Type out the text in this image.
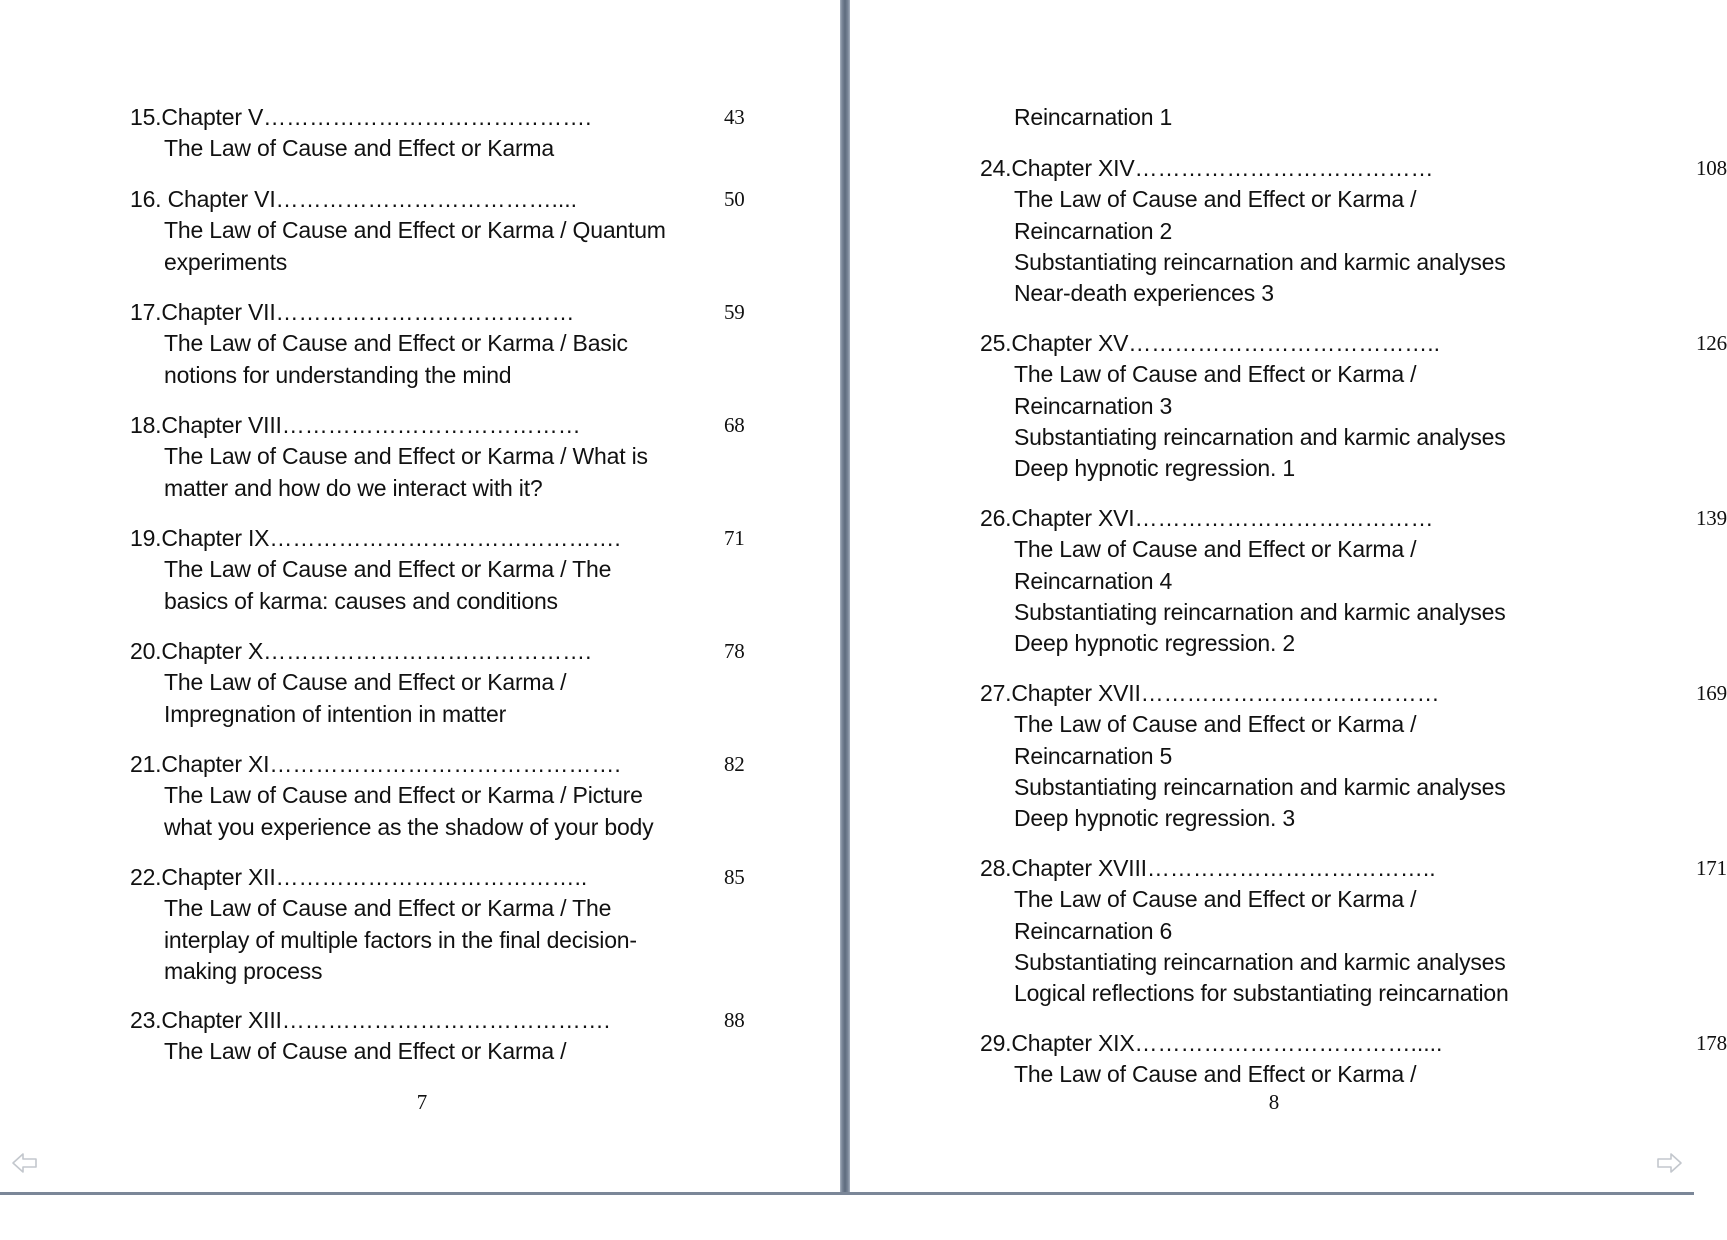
15.Chapter V…………………………………….	43
The Law of Cause and Effect or Karma
16. Chapter VI………………………………....	50
The Law of Cause and Effect or Karma / Quantum
experiments
17.Chapter VII…………………………………	59
The Law of Cause and Effect or Karma / Basic
notions for understanding the mind
18.Chapter VIII…………………………………	68
The Law of Cause and Effect or Karma / What is
matter and how do we interact with it?
19.Chapter IX……………………………………….	71
The Law of Cause and Effect or Karma / The
basics of karma: causes and conditions
20.Chapter X…………………………………….	78
The Law of Cause and Effect or Karma /
Impregnation of intention in matter
21.Chapter XI……………………………………….	82
The Law of Cause and Effect or Karma / Picture
what you experience as the shadow of your body
22.Chapter XII…………………………………..	85
The Law of Cause and Effect or Karma / The
interplay of multiple factors in the final decision-
making process
23.Chapter XIII…………………………………….	88
The Law of Cause and Effect or Karma /
7
Reincarnation 1
24.Chapter XIV…………………………………	108
The Law of Cause and Effect or Karma /
Reincarnation 2
Substantiating reincarnation and karmic analyses
Near-death experiences 3
25.Chapter XV…………………………………..	126
The Law of Cause and Effect or Karma /
Reincarnation 3
Substantiating reincarnation and karmic analyses
Deep hypnotic regression. 1
26.Chapter XVI…………………………………	139
The Law of Cause and Effect or Karma /
Reincarnation 4
Substantiating reincarnation and karmic analyses
Deep hypnotic regression. 2
27.Chapter XVII…………………………………	169
The Law of Cause and Effect or Karma /
Reincarnation 5
Substantiating reincarnation and karmic analyses
Deep hypnotic regression. 3
28.Chapter XVIII………………………………..	171
The Law of Cause and Effect or Karma /
Reincarnation 6
Substantiating reincarnation and karmic analyses
Logical reflections for substantiating reincarnation
29.Chapter XIX……………………………….....	178
The Law of Cause and Effect or Karma /
8
